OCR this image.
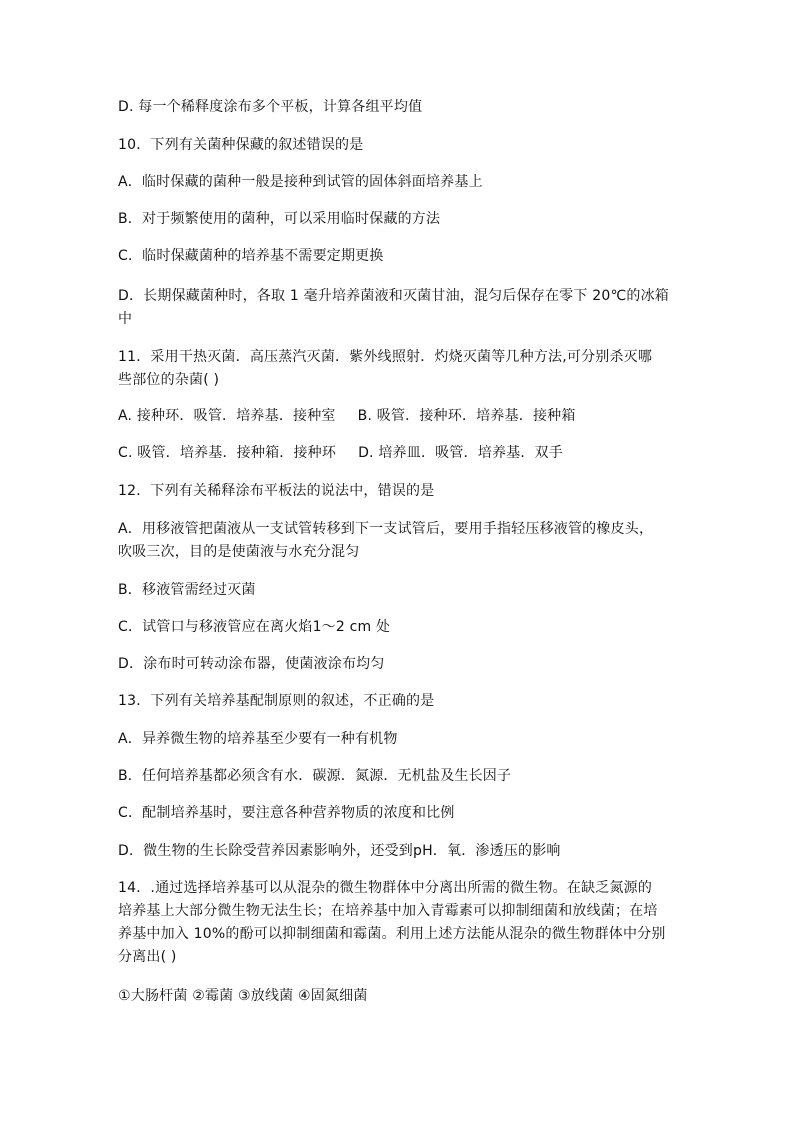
D. 每一个稀释度涂布多个平板，计算各组平均值
10．下列有关菌种保藏的叙述错误的是
A．临时保藏的菌种一般是接种到试管的固体斜面培养基上
B．对于频繁使用的菌种，可以采用临时保藏的方法
C．临时保藏菌种的培养基不需要定期更换
D．长期保藏菌种时，各取 1 毫升培养菌液和灭菌甘油，混匀后保存在零下 20℃的冰箱
中
11．采用干热灭菌．高压蒸汽灭菌．紫外线照射．灼烧灭菌等几种方法,可分别杀灭哪
些部位的杂菌( )
A. 接种环．吸管．培养基．接种室 B. 吸管．接种环．培养基．接种箱
C. 吸管．培养基．接种箱．接种环 D. 培养皿．吸管．培养基．双手
12．下列有关稀释涂布平板法的说法中，错误的是
A．用移液管把菌液从一支试管转移到下一支试管后，要用手指轻压移液管的橡皮头，
吹吸三次，目的是使菌液与水充分混匀
B．移液管需经过灭菌
C．试管口与移液管应在离火焰1～2 cm 处
D．涂布时可转动涂布器，使菌液涂布均匀
13．下列有关培养基配制原则的叙述，不正确的是
A．异养微生物的培养基至少要有一种有机物
B．任何培养基都必须含有水．碳源．氮源．无机盐及生长因子
C．配制培养基时，要注意各种营养物质的浓度和比例
D．微生物的生长除受营养因素影响外，还受到pH．氧．渗透压的影响
14．.通过选择培养基可以从混杂的微生物群体中分离出所需的微生物。在缺乏氮源的
培养基上大部分微生物无法生长；在培养基中加入青霉素可以抑制细菌和放线菌；在培
养基中加入 10%的酚可以抑制细菌和霉菌。利用上述方法能从混杂的微生物群体中分别
分离出( )
①大肠杆菌 ②霉菌 ③放线菌 ④固氮细菌
